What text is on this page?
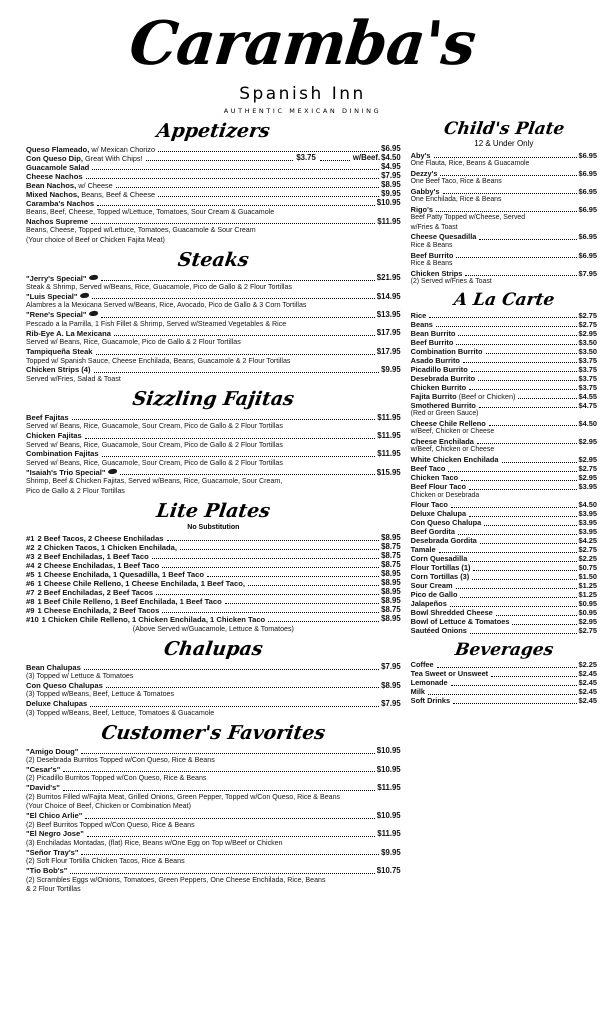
Caramba's
Spanish Inn
AUTHENTIC MEXICAN DINING
Appetizers
Queso Flameado, w/ Mexican Chorizo	$6.95
Con Queso Dip, Great With Chips!	$3.75	w/Beef. $4.50
Guacamole Salad	$4.95
Cheese Nachos	$7.95
Bean Nachos, w/ Cheese	$8.95
Mixed Nachos, Beans, Beef & Cheese	$9.95
Caramba's Nachos	$10.95
Beans, Beef, Cheese, Topped w/Lettuce, Tomatoes, Sour Cream & Guacamole
Nachos Supreme	$11.95
Beans, Cheese, Topped w/Lettuce, Tomatoes, Guacamole & Sour Cream
(Your choice of Beef or Chicken Fajita Meat)
Steaks
"Jerry's Special"	$21.95
Steak & Shrimp, Served w/Beans, Rice, Guacamole, Pico de Gallo & 2 Flour Tortillas
"Luis Special"	$14.95
Alambres a la Mexicana Served w/Beans, Rice, Avocado, Pico de Gallo & 3 Corn Tortillas
"Rene's Special"	$13.95
Pescado a la Parrilla, 1 Fish Fillet & Shrimp, Served w/Steamed Vegetables & Rice
Rib-Eye A. La Mexicana	$17.95
Served w/ Beans, Rice, Guacamole, Pico de Gallo & 2 Flour Tortillas
Tampiqueña Steak	$17.95
Topped w/ Spanish Sauce, Cheese Enchilada, Beans, Guacamole & 2 Flour Tortillas
Chicken Strips (4)	$9.95
Served w/Fries, Salad & Toast
Sizzling Fajitas
Beef Fajitas	$11.95
Served w/ Beans, Rice, Guacamole, Sour Cream, Pico de Gallo & 2 Flour Tortillas
Chicken Fajitas	$11.95
Served w/ Beans, Rice, Guacamole, Sour Cream, Pico de Gallo & 2 Flour Tortillas
Combination Fajitas	$11.95
Served w/ Beans, Rice, Guacamole, Sour Cream, Pico de Gallo & 2 Flour Tortillas
"Isaiah's Trio Special"	$15.95
Shrimp, Beef & Chicken Fajitas, Served w/Beans, Rice, Guacamole, Sour Cream,
Pico de Gallo & 2 Flour Tortillas
Lite Plates
No Substitution
#1 2 Beef Tacos, 2 Cheese Enchiladas	$8.95
#2 2 Chicken Tacos, 1 Chicken Enchilada,	$8.75
#3 2 Beef Enchiladas, 1 Beef Taco	$8.75
#4 2 Cheese Enchiladas, 1 Beef Taco	$8.75
#5 1 Cheese Enchilada, 1 Quesadilla, 1 Beef Taco	$8.95
#6 1 Cheese Chile Relleno, 1 Cheese Enchilada, 1 Beef Taco,	$8.95
#7 2 Beef Enchiladas, 2 Beef Tacos	$8.95
#8 1 Beef Chile Relleno, 1 Beef Enchilada, 1 Beef Taco	$8.95
#9 1 Cheese Enchilada, 2 Beef Tacos	$8.75
#10 1 Chicken Chile Relleno, 1 Chicken Enchilada, 1 Chicken Taco	$8.95
(Above Served w/Guacamole, Lettuce & Tomatoes)
Chalupas
Bean Chalupas	$7.95
(3) Topped w/ Lettuce & Tomatoes
Con Queso Chalupas	$8.95
(3) Topped w/Beans, Beef, Lettuce & Tomatoes
Deluxe Chalupas	$7.95
(3) Topped w/Beans, Beef, Lettuce, Tomatoes & Guacamole
Customer's Favorites
"Amigo Doug"	$10.95
(2) Desebrada Burritos Topped w/Con Queso, Rice & Beans
"Cesar's"	$10.95
(2) Picadillo Burritos Topped w/Con Queso, Rice & Beans
"David's"	$11.95
(2) Burritos Filled w/Fajita Meat, Grilled Onions, Green Pepper, Topped w/Con Queso, Rice & Beans
(Your Choice of Beef, Chicken or Combination Meat)
"El Chico Arlie"	$10.95
(2) Beef Burritos Topped w/Con Queso, Rice & Beans
"El Negro Jose"	$11.95
(3) Enchiladas Montadas, (flat) Rice, Beans w/One Egg on Top w/Beef or Chicken
"Señor Tray's"	$9.95
(2) Soft Flour Tortilla Chicken Tacos, Rice & Beans
"Tio Bob's"	$10.75
(2) Scrambles Eggs w/Onions, Tomatoes, Green Peppers, One Cheese Enchilada, Rice, Beans
& 2 Flour Tortillas
Child's Plate
12 & Under Only
Aby's	$6.95
One Flauta, Rice, Beans & Guacamole
Dezzy's	$6.95
One Beef Taco, Rice & Beans
Gabby's	$6.95
One Enchilada, Rice & Beans
Rigo's	$6.95
Beef Patty Topped w/Cheese, Served
w/Fries & Toast
Cheese Quesadilla	$6.95
Rice & Beans
Beef Burrito	$6.95
Rice & Beans
Chicken Strips	$7.95
(2) Served w/Fries & Toast
A La Carte
Rice	$2.75
Beans	$2.75
Bean Burrito	$2.95
Beef Burrito	$3.50
Combination Burrito	$3.50
Asado Burrito	$3.75
Picadillo Burrito	$3.75
Desebrada Burrito	$3.75
Chicken Burrito	$3.75
Fajita Burrito (Beef or Chicken)	$4.55
Smothered Burrito	$4.75
(Red or Green Sauce)
Cheese Chile Relleno	$4.50
w/Beef, Chicken or Cheese
Cheese Enchilada	$2.95
w/Beef, Chicken or Cheese
White Chicken Enchilada	$2.95
Beef Taco	$2.75
Chicken Taco	$2.95
Beef Flour Taco	$3.95
Chicken or Desebrada
Flour Taco	$4.50
Deluxe Chalupa	$3.95
Con Queso Chalupa	$3.95
Beef Gordita	$3.95
Desebrada Gordita	$4.25
Tamale	$2.75
Corn Quesadilla	$2.25
Flour Tortillas (1)	$0.75
Corn Tortillas (3)	$1.50
Sour Cream	$1.25
Pico de Gallo	$1.25
Jalapeños	$0.95
Bowl Shredded Cheese	$0.95
Bowl of Lettuce & Tomatoes	$2.95
Sautéed Onions	$2.75
Beverages
Coffee	$2.25
Tea Sweet or Unsweet	$2.45
Lemonade	$2.45
Milk	$2.45
Soft Drinks	$2.45
